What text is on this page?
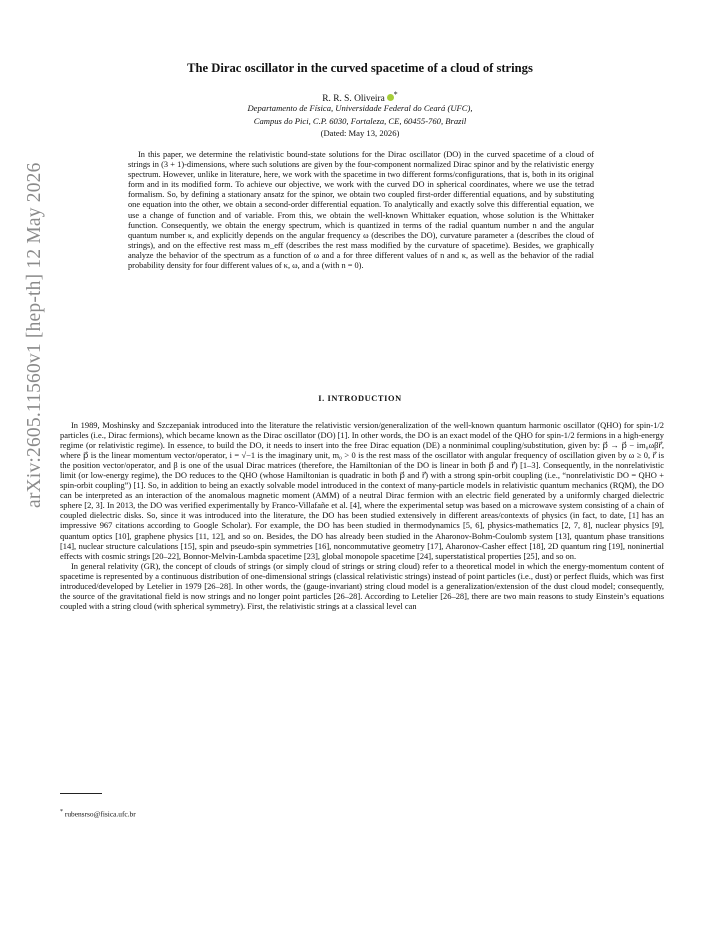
arXiv:2605.11560v1 [hep-th] 12 May 2026
The Dirac oscillator in the curved spacetime of a cloud of strings
R. R. S. Oliveira *
Departamento de Física, Universidade Federal do Ceará (UFC),
Campus do Pici, C.P. 6030, Fortaleza, CE, 60455-760, Brazil
(Dated: May 13, 2026)

In this paper, we determine the relativistic bound-state solutions for the Dirac oscillator (DO) in the curved spacetime of a cloud of strings in (3 + 1)-dimensions, where such solutions are given by the four-component normalized Dirac spinor and by the relativistic energy spectrum. However, unlike in literature, here, we work with the spacetime in two different forms/configurations, that is, both in its original form and in its modified form. To achieve our objective, we work with the curved DO in spherical coordinates, where we use the tetrad formalism. So, by defining a stationary ansatz for the spinor, we obtain two coupled first-order differential equations, and by substituting one equation into the other, we obtain a second-order differential equation. To analytically and exactly solve this differential equation, we use a change of function and of variable. From this, we obtain the well-known Whittaker equation, whose solution is the Whittaker function. Consequently, we obtain the energy spectrum, which is quantized in terms of the radial quantum number n and the angular quantum number κ, and explicitly depends on the angular frequency ω (describes the DO), curvature parameter a (describes the cloud of strings), and on the effective rest mass m_eff (describes the rest mass modified by the curvature of spacetime). Besides, we graphically analyze the behavior of the spectrum as a function of ω and a for three different values of n and κ, as well as the behavior of the radial probability density for four different values of κ, ω, and a (with n = 0).

I. INTRODUCTION

In 1989, Moshinsky and Szczepaniak introduced into the literature the relativistic version/generalization of the well-known quantum harmonic oscillator (QHO) for spin-1/2 particles (i.e., Dirac fermions), which became known as the Dirac oscillator (DO) [1]. In other words, the DO is an exact model of the QHO for spin-1/2 fermions in a high-energy regime (or relativistic regime). In essence, to build the DO, it needs to insert into the free Dirac equation (DE) a nonminimal coupling/substitution, given by: p⃗ → p⃗ − im₀ωβr⃗, where p⃗ is the linear momentum vector/operator, i = √−1 is the imaginary unit, m₀ > 0 is the rest mass of the oscillator with angular frequency of oscillation given by ω ≥ 0, r⃗ is the position vector/operator, and β is one of the usual Dirac matrices (therefore, the Hamiltonian of the DO is linear in both p⃗ and r⃗) [1–3]. Consequently, in the nonrelativistic limit (or low-energy regime), the DO reduces to the QHO (whose Hamiltonian is quadratic in both p⃗ and r⃗) with a strong spin-orbit coupling (i.e., “nonrelativistic DO = QHO + spin-orbit coupling”) [1]. So, in addition to being an exactly solvable model introduced in the context of many-particle models in relativistic quantum mechanics (RQM), the DO can be interpreted as an interaction of the anomalous magnetic moment (AMM) of a neutral Dirac fermion with an electric field generated by a uniformly charged dielectric sphere [2, 3]. In 2013, the DO was verified experimentally by Franco-Villafañe et al. [4], where the experimental setup was based on a microwave system consisting of a chain of coupled dielectric disks. So, since it was introduced into the literature, the DO has been studied extensively in different areas/contexts of physics (in fact, to date, [1] has an impressive 967 citations according to Google Scholar). For example, the DO has been studied in thermodynamics [5, 6], physics-mathematics [2, 7, 8], nuclear physics [9], quantum optics [10], graphene physics [11, 12], and so on. Besides, the DO has already been studied in the Aharonov-Bohm-Coulomb system [13], quantum phase transitions [14], nuclear structure calculations [15], spin and pseudo-spin symmetries [16], noncommutative geometry [17], Aharonov-Casher effect [18], 2D quantum ring [19], noninertial effects with cosmic strings [20–22], Bonnor-Melvin-Lambda spacetime [23], global monopole spacetime [24], superstatistical properties [25], and so on.

In general relativity (GR), the concept of clouds of strings (or simply cloud of strings or string cloud) refer to a theoretical model in which the energy-momentum content of spacetime is represented by a continuous distribution of one-dimensional strings (classical relativistic strings) instead of point particles (i.e., dust) or perfect fluids, which was first introduced/developed by Letelier in 1979 [26–28]. In other words, the (gauge-invariant) string cloud model is a generalization/extension of the dust cloud model; consequently, the source of the gravitational field is now strings and no longer point particles [26–28]. According to Letelier [26–28], there are two main reasons to study Einstein’s equations coupled with a string cloud (with spherical symmetry). First, the relativistic strings at a classical level can

* rubensrso@fisica.ufc.br
